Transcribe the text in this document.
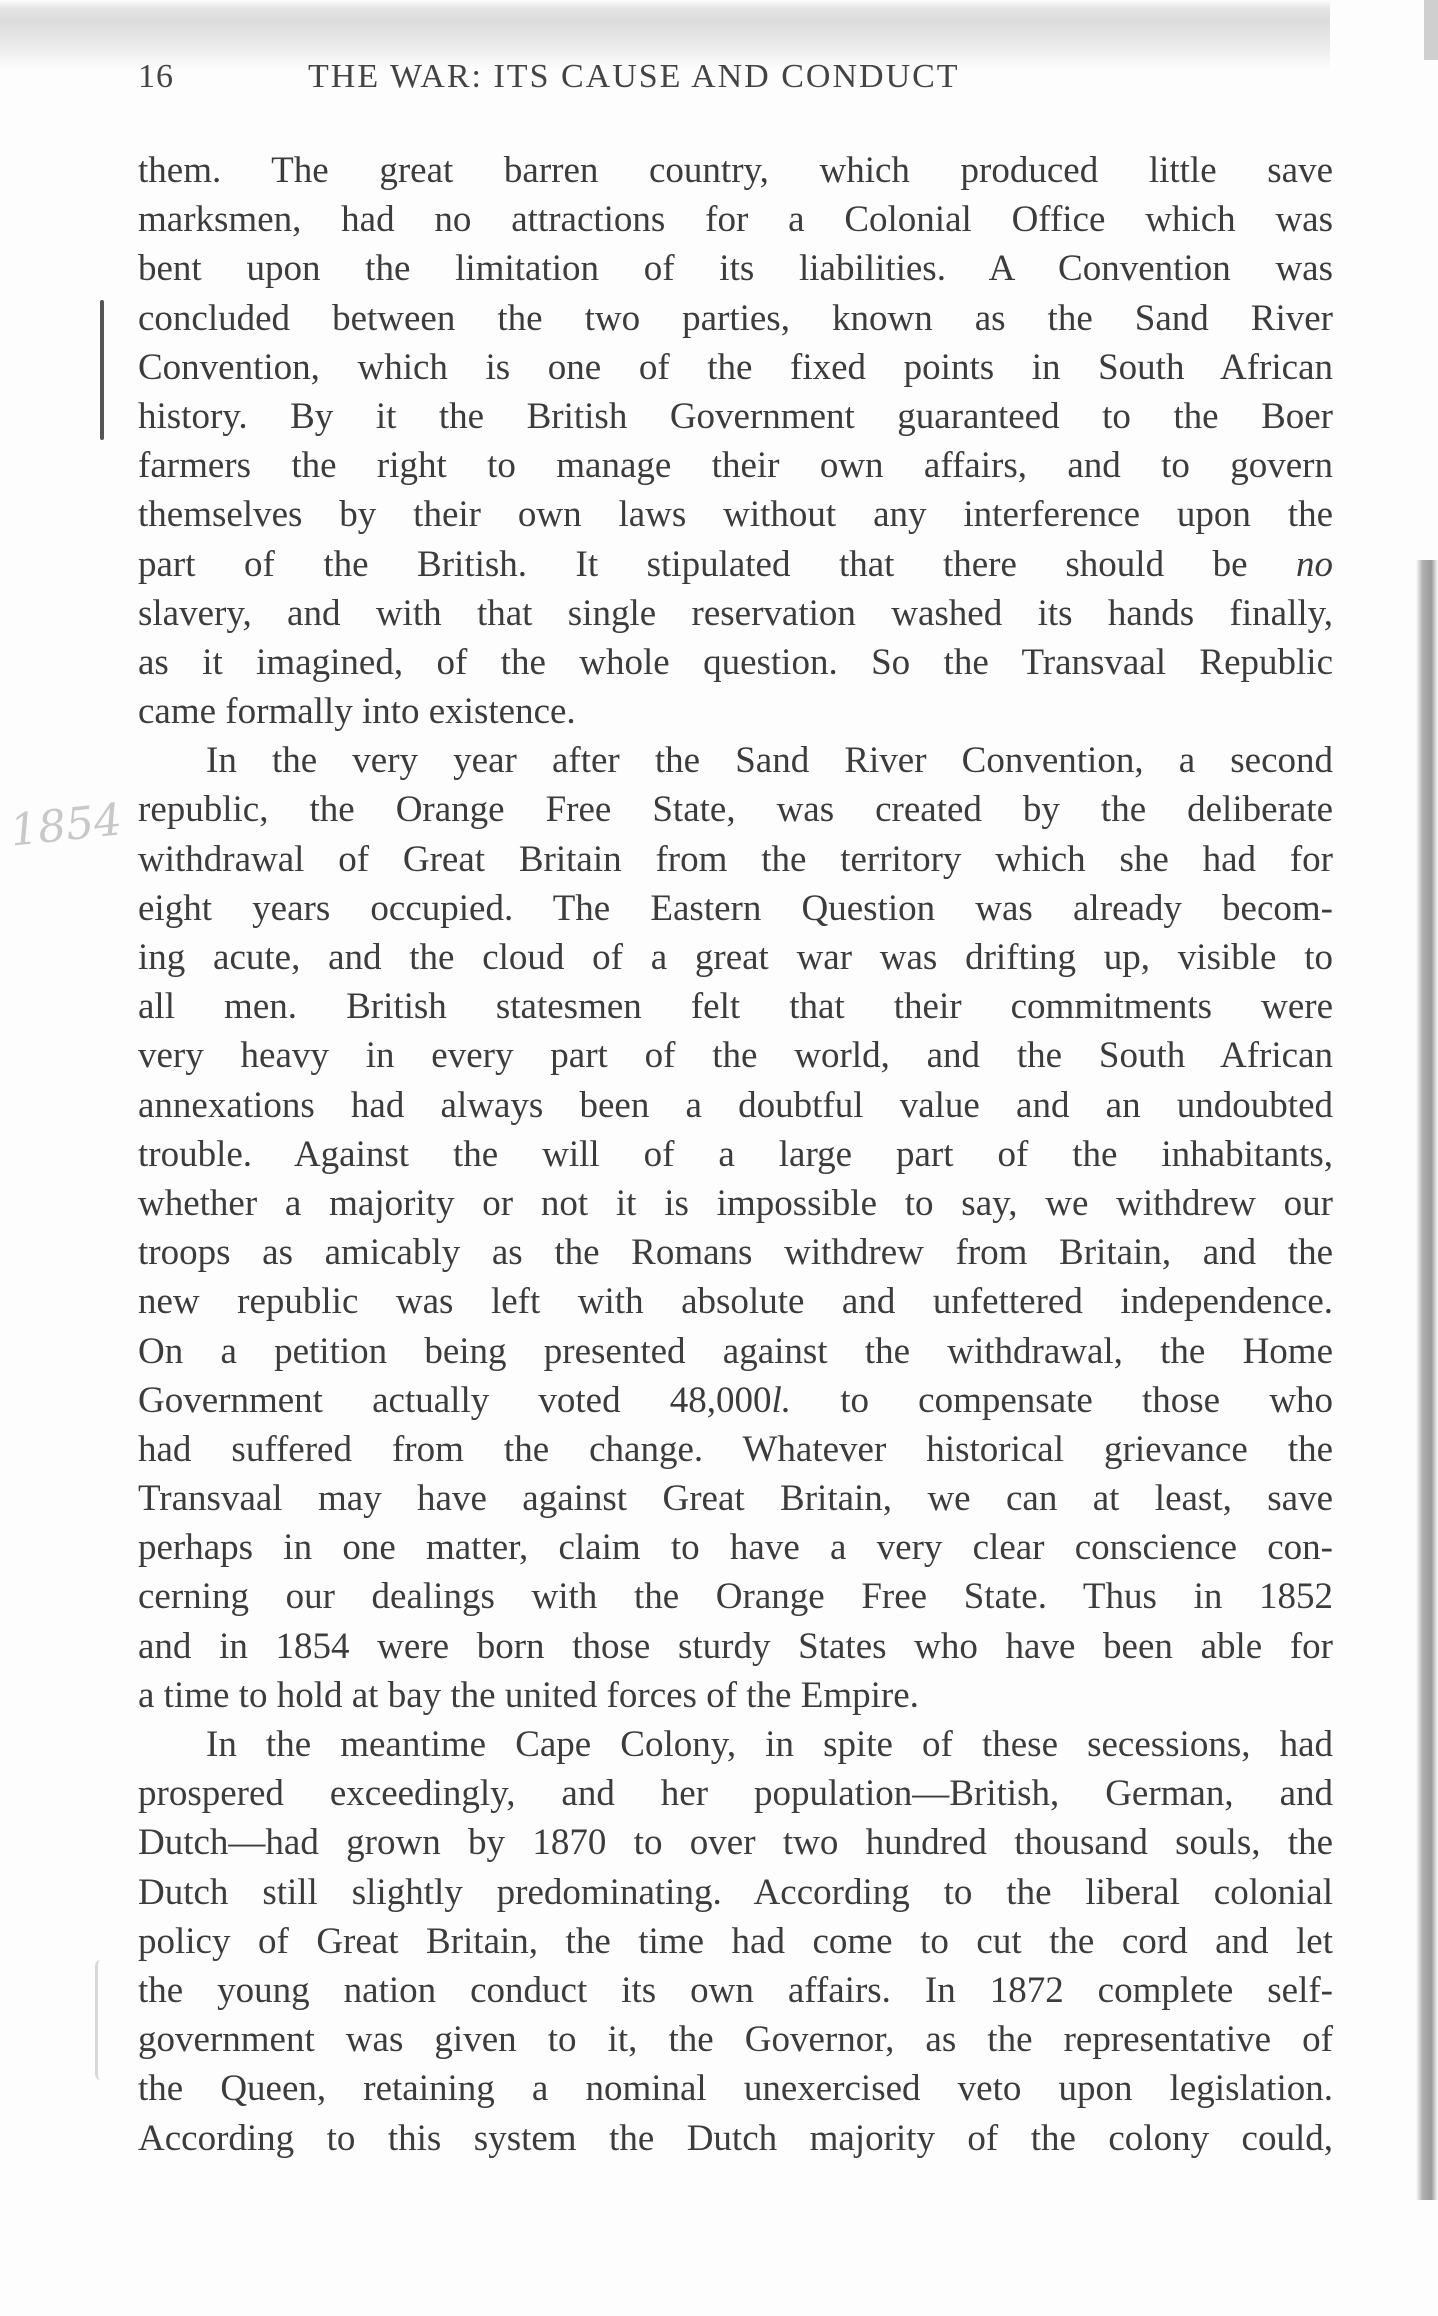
16	THE WAR: ITS CAUSE AND CONDUCT
1854
them. The great barren country, which produced little save
marksmen, had no attractions for a Colonial Office which was
bent upon the limitation of its liabilities. A Convention was
concluded between the two parties, known as the Sand River
Convention, which is one of the fixed points in South African
history. By it the British Government guaranteed to the Boer
farmers the right to manage their own affairs, and to govern
themselves by their own laws without any interference upon the
part of the British. It stipulated that there should be no
slavery, and with that single reservation washed its hands finally,
as it imagined, of the whole question. So the Transvaal Republic
came formally into existence.
In the very year after the Sand River Convention, a second
republic, the Orange Free State, was created by the deliberate
withdrawal of Great Britain from the territory which she had for
eight years occupied. The Eastern Question was already becom-
ing acute, and the cloud of a great war was drifting up, visible to
all men. British statesmen felt that their commitments were
very heavy in every part of the world, and the South African
annexations had always been a doubtful value and an undoubted
trouble. Against the will of a large part of the inhabitants,
whether a majority or not it is impossible to say, we withdrew our
troops as amicably as the Romans withdrew from Britain, and the
new republic was left with absolute and unfettered independence.
On a petition being presented against the withdrawal, the Home
Government actually voted 48,000l. to compensate those who
had suffered from the change. Whatever historical grievance the
Transvaal may have against Great Britain, we can at least, save
perhaps in one matter, claim to have a very clear conscience con-
cerning our dealings with the Orange Free State. Thus in 1852
and in 1854 were born those sturdy States who have been able for
a time to hold at bay the united forces of the Empire.
In the meantime Cape Colony, in spite of these secessions, had
prospered exceedingly, and her population—British, German, and
Dutch—had grown by 1870 to over two hundred thousand souls, the
Dutch still slightly predominating. According to the liberal colonial
policy of Great Britain, the time had come to cut the cord and let
the young nation conduct its own affairs. In 1872 complete self-
government was given to it, the Governor, as the representative of
the Queen, retaining a nominal unexercised veto upon legislation.
According to this system the Dutch majority of the colony could,
